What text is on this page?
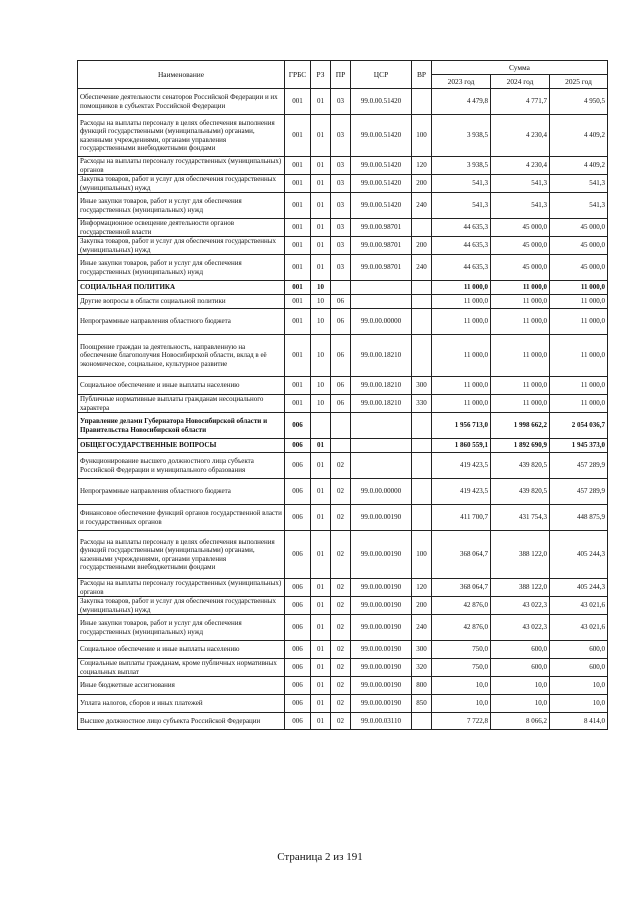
Наименование	ГРБС	РЗ	ПР	ЦСР	ВР	Сумма		
						2023 год	2024 год	2025 год
Обеспечение деятельности сенаторов Российской Федерации и их помощников в субъектах Российской Федерации	001	01	03	99.0.00.51420		4 479,8	4 771,7	4 950,5
Расходы на выплаты персоналу в целях обеспечения выполнения функций государственными (муниципальными) органами, казенными учреждениями, органами управления государственными внебюджетными фондами	001	01	03	99.0.00.51420	100	3 938,5	4 230,4	4 409,2
Расходы на выплаты персоналу государственных (муниципальных) органов	001	01	03	99.0.00.51420	120	3 938,5	4 230,4	4 409,2
Закупка товаров, работ и услуг для обеспечения государственных (муниципальных) нужд	001	01	03	99.0.00.51420	200	541,3	541,3	541,3
Иные закупки товаров, работ и услуг для обеспечения государственных (муниципальных) нужд	001	01	03	99.0.00.51420	240	541,3	541,3	541,3
Информационное освещение деятельности органов государственной власти	001	01	03	99.0.00.98701		44 635,3	45 000,0	45 000,0
Закупка товаров, работ и услуг для обеспечения государственных (муниципальных) нужд	001	01	03	99.0.00.98701	200	44 635,3	45 000,0	45 000,0
Иные закупки товаров, работ и услуг для обеспечения государственных (муниципальных) нужд	001	01	03	99.0.00.98701	240	44 635,3	45 000,0	45 000,0
СОЦИАЛЬНАЯ ПОЛИТИКА	001	10				11 000,0	11 000,0	11 000,0
Другие вопросы в области социальной политики	001	10	06			11 000,0	11 000,0	11 000,0
Непрограммные направления областного бюджета	001	10	06	99.0.00.00000		11 000,0	11 000,0	11 000,0
Поощрение граждан за деятельность, направленную на обеспечение благополучия Новосибирской области, вклад в её экономическое, социальное, культурное развитие	001	10	06	99.0.00.18210		11 000,0	11 000,0	11 000,0
Социальное обеспечение и иные выплаты населению	001	10	06	99.0.00.18210	300	11 000,0	11 000,0	11 000,0
Публичные нормативные выплаты гражданам несоциального характера	001	10	06	99.0.00.18210	330	11 000,0	11 000,0	11 000,0
Управление делами Губернатора Новосибирской области и Правительства Новосибирской области	006					1 956 713,0	1 998 662,2	2 054 036,7
ОБЩЕГОСУДАРСТВЕННЫЕ ВОПРОСЫ	006	01				1 860 559,1	1 892 690,9	1 945 373,0
Функционирование высшего должностного лица субъекта Российской Федерации и муниципального образования	006	01	02			419 423,5	439 820,5	457 289,9
Непрограммные направления областного бюджета	006	01	02	99.0.00.00000		419 423,5	439 820,5	457 289,9
Финансовое обеспечение функций органов государственной власти и государственных органов	006	01	02	99.0.00.00190		411 700,7	431 754,3	448 875,9
Расходы на выплаты персоналу в целях обеспечения выполнения функций государственными (муниципальными) органами, казенными учреждениями, органами управления государственными внебюджетными фондами	006	01	02	99.0.00.00190	100	368 064,7	388 122,0	405 244,3
Расходы на выплаты персоналу государственных (муниципальных) органов	006	01	02	99.0.00.00190	120	368 064,7	388 122,0	405 244,3
Закупка товаров, работ и услуг для обеспечения государственных (муниципальных) нужд	006	01	02	99.0.00.00190	200	42 876,0	43 022,3	43 021,6
Иные закупки товаров, работ и услуг для обеспечения государственных (муниципальных) нужд	006	01	02	99.0.00.00190	240	42 876,0	43 022,3	43 021,6
Социальное обеспечение и иные выплаты населению	006	01	02	99.0.00.00190	300	750,0	600,0	600,0
Социальные выплаты гражданам, кроме публичных нормативных социальных выплат	006	01	02	99.0.00.00190	320	750,0	600,0	600,0
Иные бюджетные ассигнования	006	01	02	99.0.00.00190	800	10,0	10,0	10,0
Уплата налогов, сборов и иных платежей	006	01	02	99.0.00.00190	850	10,0	10,0	10,0
Высшее должностное лицо субъекта Российской Федерации	006	01	02	99.0.00.03110		7 722,8	8 066,2	8 414,0
Страница 2 из 191
